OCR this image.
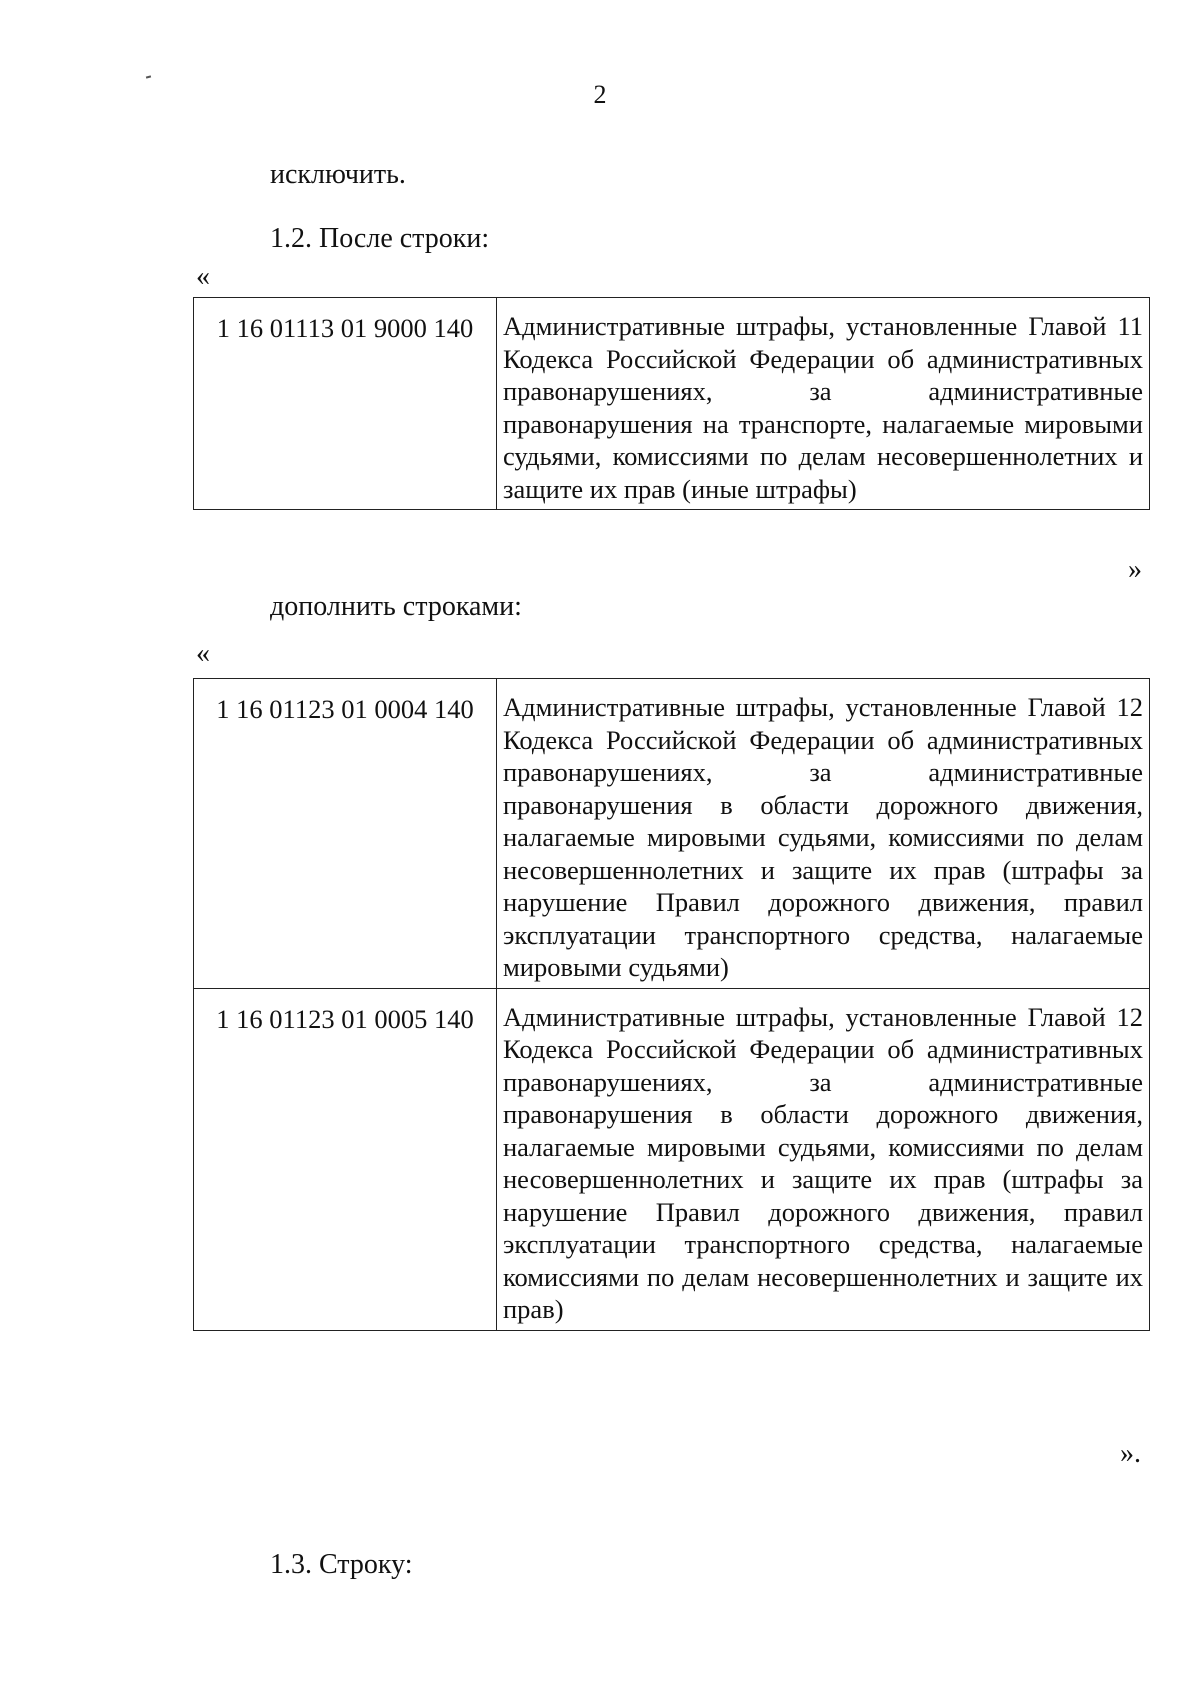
2
исключить.
1.2. После строки:
«
1 16 01113 01 9000 140	Административные штрафы, установленные Главой 11 Кодекса Российской Федерации об административных правонарушениях, за административные правонарушения на транспорте, налагаемые мировыми судьями, комиссиями по делам несовершеннолетних и защите их прав (иные штрафы)
»
дополнить строками:
«
1 16 01123 01 0004 140	Административные штрафы, установленные Главой 12 Кодекса Российской Федерации об административных правонарушениях, за административные правонарушения в области дорожного движения, налагаемые мировыми судьями, комиссиями по делам несовершеннолетних и защите их прав (штрафы за нарушение Правил дорожного движения, правил эксплуатации транспортного средства, налагаемые мировыми судьями)
1 16 01123 01 0005 140	Административные штрафы, установленные Главой 12 Кодекса Российской Федерации об административных правонарушениях, за административные правонарушения в области дорожного движения, налагаемые мировыми судьями, комиссиями по делам несовершеннолетних и защите их прав (штрафы за нарушение Правил дорожного движения, правил эксплуатации транспортного средства, налагаемые комиссиями по делам несовершеннолетних и защите их прав)
».
1.3. Строку:
